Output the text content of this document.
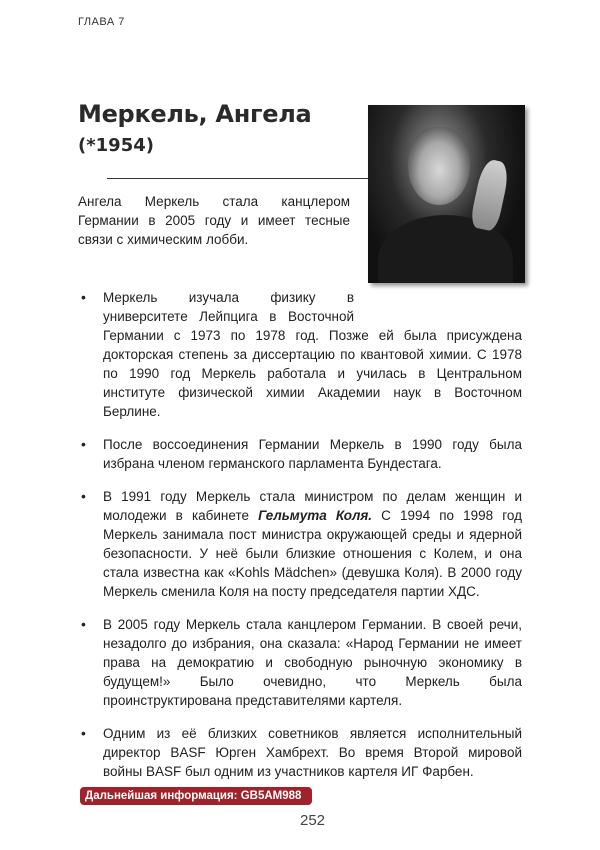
ГЛАВА 7
Меркель, Ангела
(*1954)
Ангела Меркель стала канцлером Германии в 2005 году и имеет тесные связи с химическим лобби.
• Меркель изучала физику в университете Лейпцига в Восточной Германии с 1973 по 1978 год. Позже ей была присуждена докторская степень за диссертацию по квантовой химии. С 1978 по 1990 год Меркель работала и училась в Центральном институте физической химии Академии наук в Восточном Берлине.
• После воссоединения Германии Меркель в 1990 году была избрана членом германского парламента Бундестага.
• В 1991 году Меркель стала министром по делам женщин и молодежи в кабинете Гельмута Коля. С 1994 по 1998 год Меркель занимала пост министра окружающей среды и ядерной безопасности. У неё были близкие отношения с Колем, и она стала известна как «Kohls Mädchen» (девушка Коля). В 2000 году Меркель сменила Коля на посту председателя партии ХДС.
• В 2005 году Меркель стала канцлером Германии. В своей речи, незадолго до избрания, она сказала: «Народ Германии не имеет права на демократию и свободную рыночную экономику в будущем!» Было очевидно, что Меркель была проинструктирована представителями картеля.
• Одним из её близких советников является исполнительный директор BASF Юрген Хамбрехт. Во время Второй мировой войны BASF был одним из участников картеля ИГ Фарбен.
Дальнейшая информация: GB5AM988
252
